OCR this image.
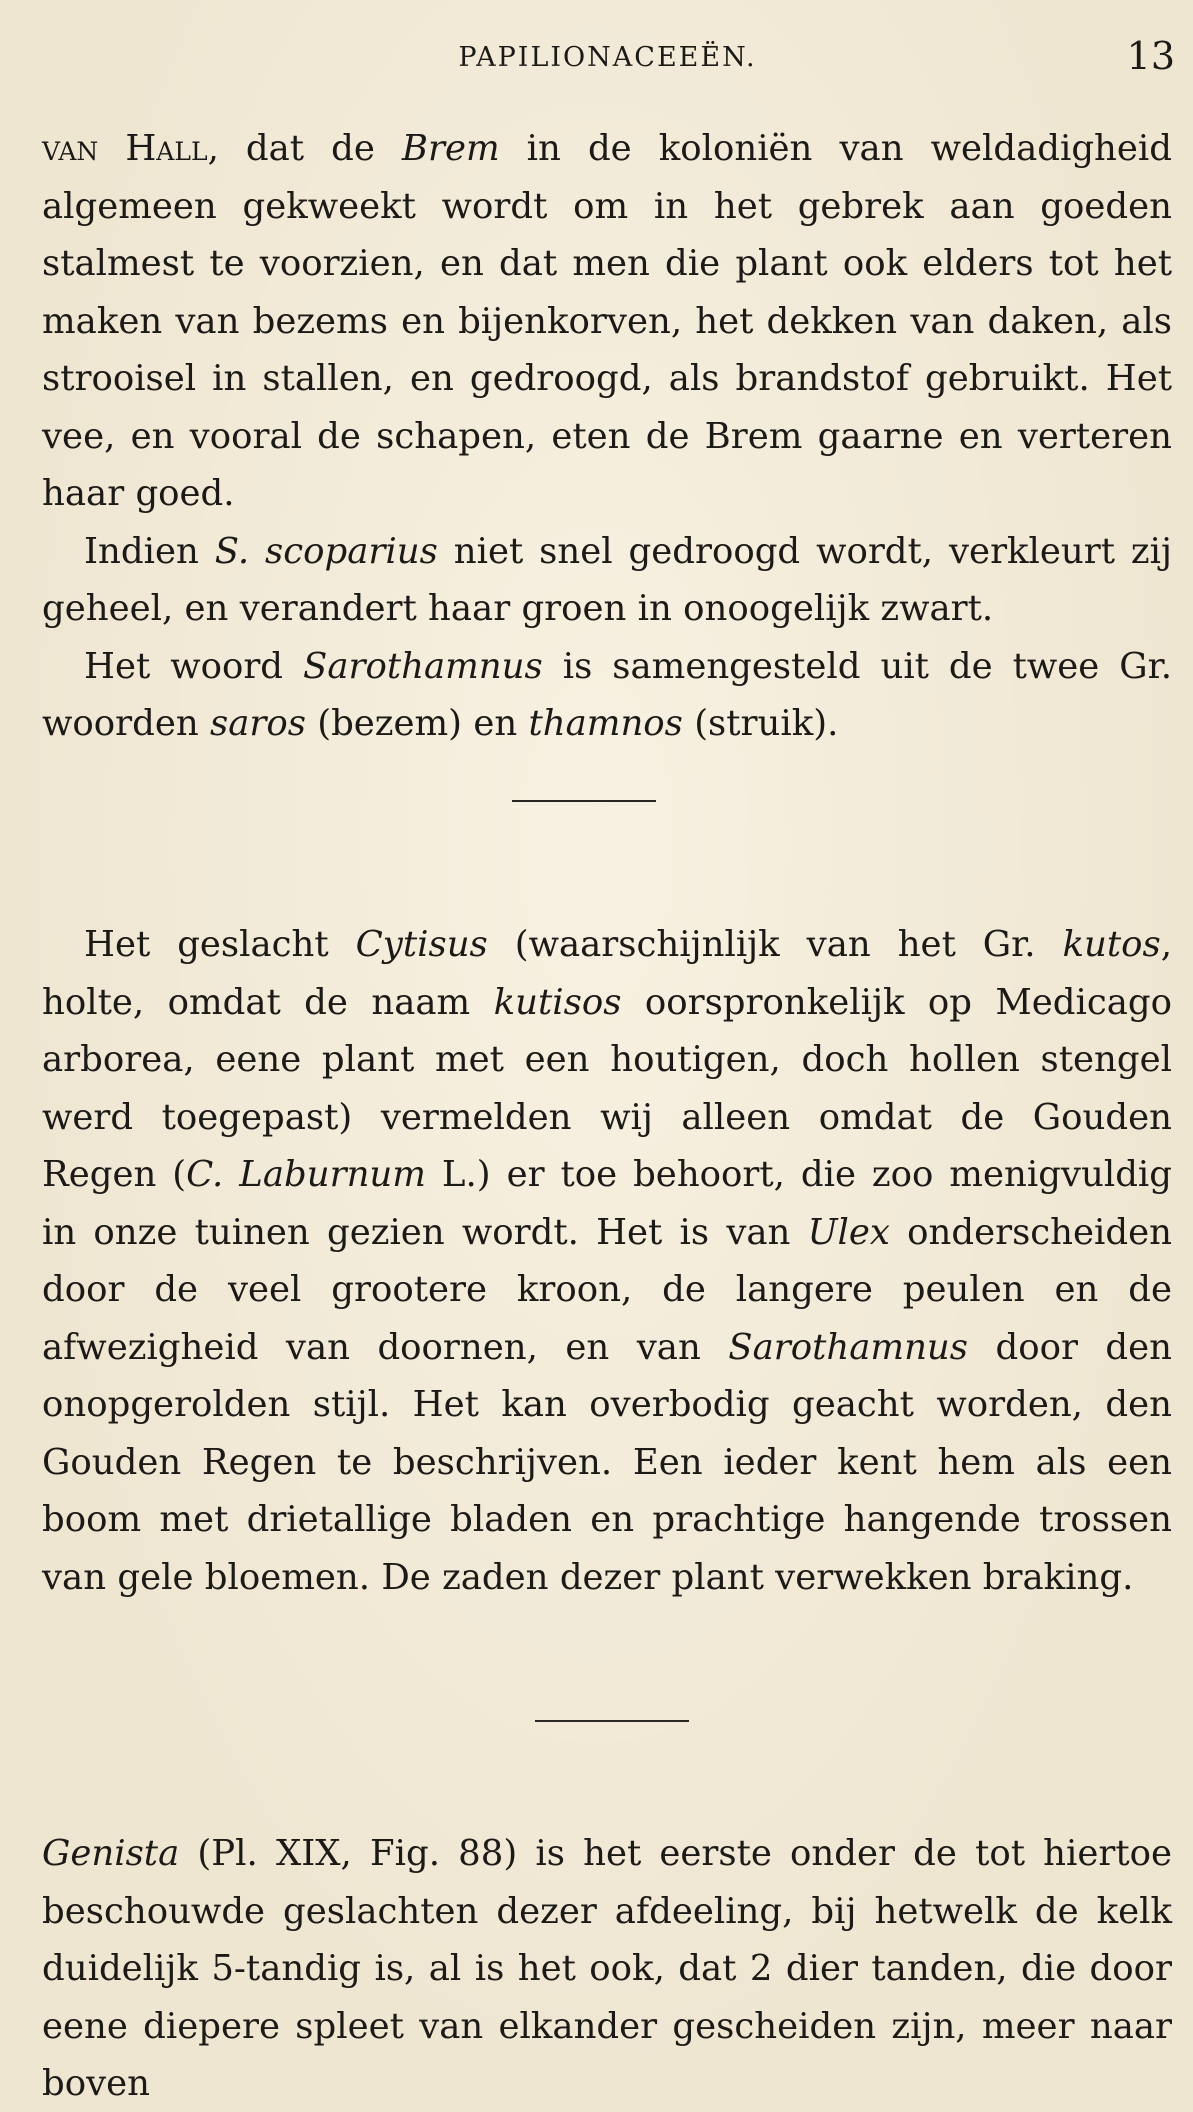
PAPILIONACEEËN.	13

van Hall, dat de Brem in de koloniën van weldadigheid algemeen gekweekt wordt om in het gebrek aan goeden stalmest te voorzien, en dat men die plant ook elders tot het maken van bezems en bijenkorven, het dekken van daken, als strooisel in stallen, en gedroogd, als brandstof gebruikt. Het vee, en vooral de schapen, eten de Brem gaarne en verteren haar goed.

Indien S. scoparius niet snel gedroogd wordt, verkleurt zij geheel, en verandert haar groen in onoogelijk zwart.

Het woord Sarothamnus is samengesteld uit de twee Gr. woorden saros (bezem) en thamnos (struik).

Het geslacht Cytisus (waarschijnlijk van het Gr. kutos, holte, omdat de naam kutisos oorspronkelijk op Medicago arborea, eene plant met een houtigen, doch hollen stengel werd toegepast) vermelden wij alleen omdat de Gouden Regen (C. Laburnum L.) er toe behoort, die zoo menigvuldig in onze tuinen gezien wordt. Het is van Ulex onderscheiden door de veel grootere kroon, de langere peulen en de afwezigheid van doornen, en van Sarothamnus door den onopgerolden stijl. Het kan overbodig geacht worden, den Gouden Regen te beschrijven. Een ieder kent hem als een boom met drietallige bladen en prachtige hangende trossen van gele bloemen. De zaden dezer plant verwekken braking.

Genista (Pl. XIX, Fig. 88) is het eerste onder de tot hiertoe beschouwde geslachten dezer afdeeling, bij hetwelk de kelk duidelijk 5-tandig is, al is het ook, dat 2 dier tanden, die door eene diepere spleet van elkander gescheiden zijn, meer naar boven
